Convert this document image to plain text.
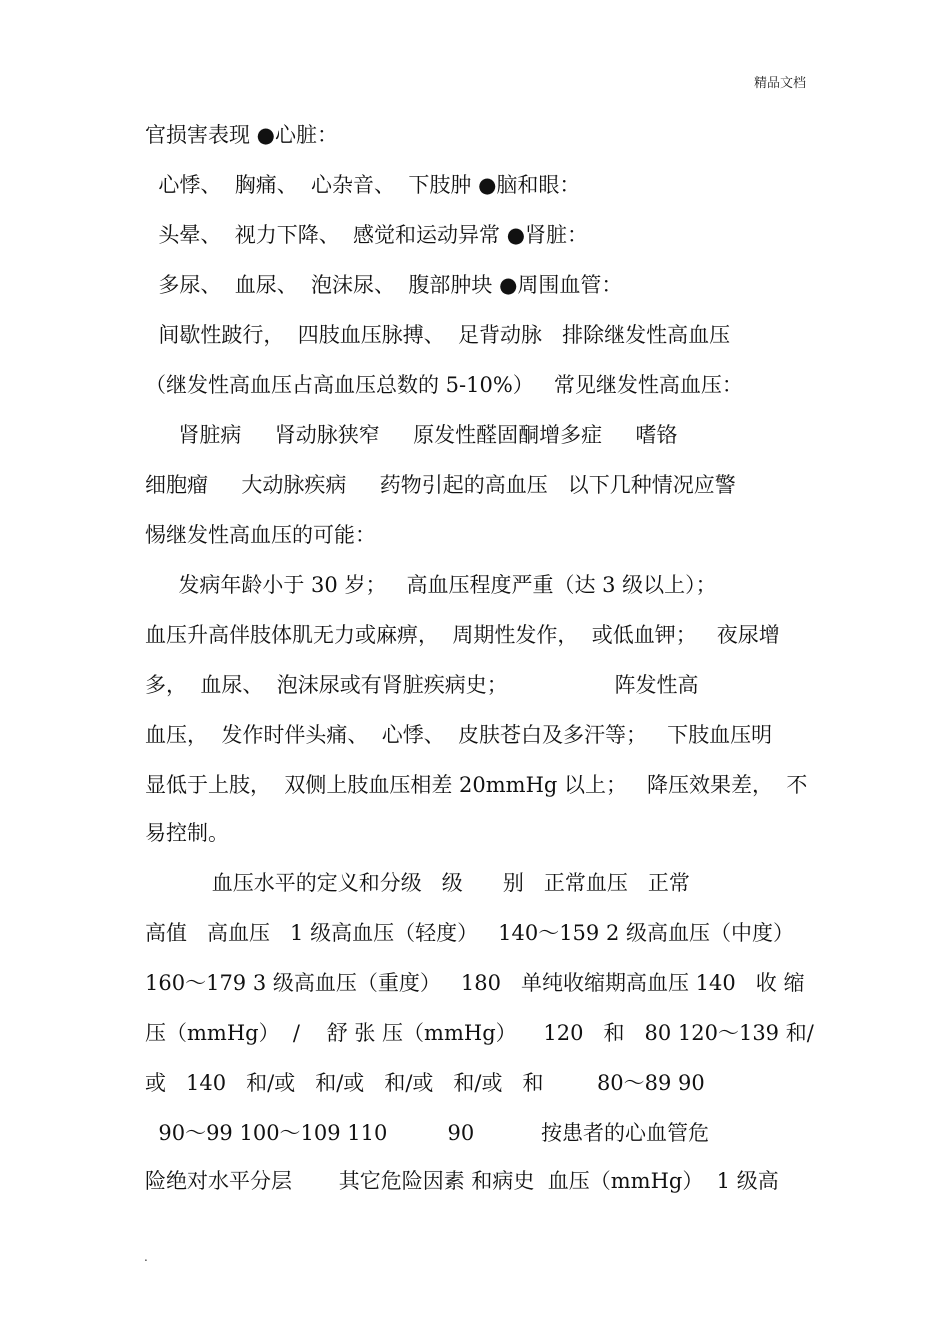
精品文档
官损害表现 ●心脏：
心悸、  胸痛、  心杂音、  下肢肿 ●脑和眼：
头晕、  视力下降、  感觉和运动异常 ●肾脏：
多尿、  血尿、  泡沫尿、  腹部肿块 ●周围血管：
间歇性跛行，  四肢血压脉搏、  足背动脉   排除继发性高血压
（继发性高血压占高血压总数的 5-10%）   常见继发性高血压：
肾脏病     肾动脉狭窄     原发性醛固酮增多症     嗜铬
细胞瘤     大动脉疾病     药物引起的高血压   以下几种情况应警
惕继发性高血压的可能：
发病年龄小于 30 岁；   高血压程度严重（达 3 级以上）；
血压升高伴肢体肌无力或麻痹，  周期性发作，  或低血钾；   夜尿增
多，  血尿、  泡沫尿或有肾脏疾病史；                阵发性高
血压，  发作时伴头痛、  心悸、  皮肤苍白及多汗等；   下肢血压明
显低于上肢，  双侧上肢血压相差 20mmHg 以上；   降压效果差，  不
易控制。
血压水平的定义和分级   级      别   正常血压   正常
高值   高血压   1 级高血压（轻度）   140～159 2 级高血压（中度）
160～179 3 级高血压（重度）   180   单纯收缩期高血压 140   收 缩
压（mmHg）  /    舒 张 压（mmHg）    120   和   80 120～139 和/
或   140   和/或   和/或   和/或   和/或   和        80～89 90
90～99 100～109 110         90          按患者的心血管危
险绝对水平分层       其它危险因素 和病史  血压（mmHg）  1 级高
.
